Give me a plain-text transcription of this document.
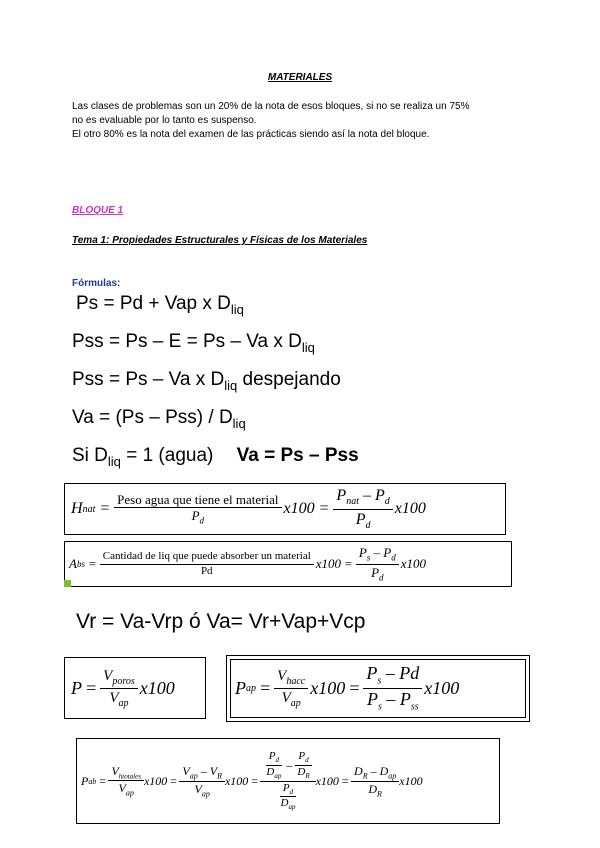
MATERIALES
Las clases de problemas son un 20% de la nota de esos bloques, si no se realiza un 75%
no es evaluable por lo tanto es suspenso.
El otro 80% es la nota del examen de las prácticas siendo así la nota del bloque.
BLOQUE 1
Tema 1: Propiedades Estructurales y Físicas de los Materiales
Fórmulas:
Ps = Pd + Vap x $D_{liq}$
Pss = Ps – E = Ps – Va x $D_{liq}$
Pss = Ps – Va x $D_{liq}$ despejando
$Va = (Ps - Pss) / D_{liq}$
Si $D_{liq} = 1$ (agua) Va = Ps – Pss
H nat = $\frac{\text{Peso agua que tiene el material}}{P_d} x100 = \frac{P_{nat} - P_d}{P_d} x100$
A bs = $\frac{\text{Cantidad de liq que puede absorber un material}}{Pd} x100 = \frac{P_s - P_d}{P_d} x100$
Vr = Va-Vrp ó Va= Vr+Vap+Vcp
$P = \frac{V_{poros}}{V_{ap}} x100$	P ap = $\frac{V_{hacc}}{V_{ap}} x100 = \frac{P_s - Pd}{P_s - P_{ss}} x100$
P ab = $\frac{V_{htotales}}{V_{ap}} x100 = \frac{V_{ap} - V_R}{V_{ap}} x100 = \frac{\frac{P_d}{D_{ap}} - \frac{P_d}{D_R}}{\frac{P_d}{D_{ap}}} x100 = \frac{D_R - D_{ap}}{D_R} x100$
